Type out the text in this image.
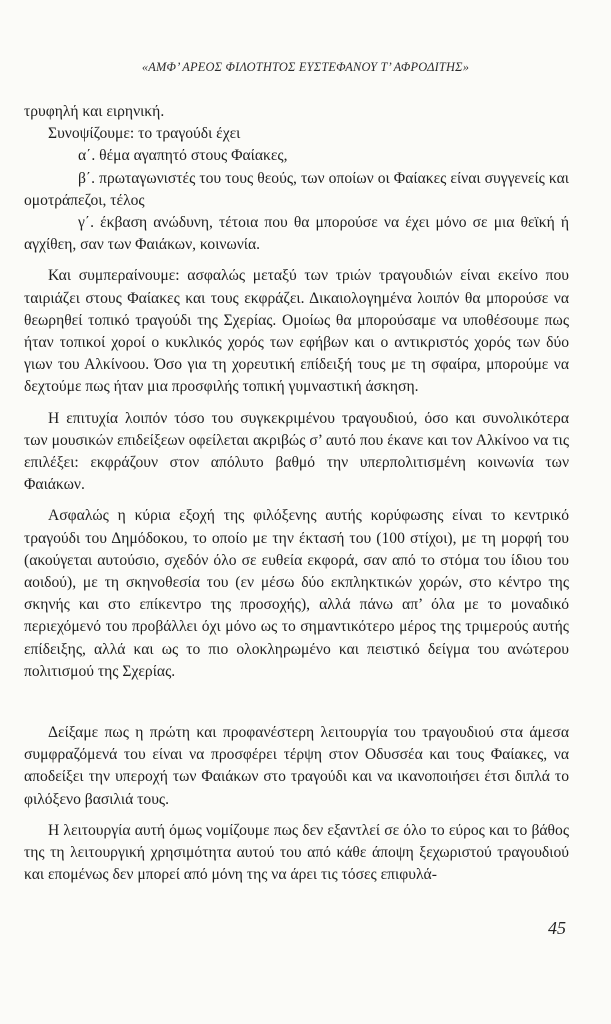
«ΑΜΦ’ ΑΡΕΟΣ ΦΙΛΟΤΗΤΟΣ ΕΥΣΤΕΦΑΝΟΥ Τ’ ΑΦΡΟΔΙΤΗΣ»

τρυφηλή και ειρηνική.

Συνοψίζουμε: το τραγούδι έχει

α΄. θέμα αγαπητό στους Φαίακες,

β΄. πρωταγωνιστές του τους θεούς, των οποίων οι Φαίακες είναι συγγενείς και ομοτράπεζοι, τέλος

γ΄. έκβαση ανώδυνη, τέτοια που θα μπορούσε να έχει μόνο σε μια θεϊκή ή αγχίθεη, σαν των Φαιάκων, κοινωνία.

Και συμπεραίνουμε: ασφαλώς μεταξύ των τριών τραγουδιών είναι εκείνο που ταιριάζει στους Φαίακες και τους εκφράζει. Δικαιολογημένα λοιπόν θα μπορούσε να θεωρηθεί τοπικό τραγούδι της Σχερίας. Ομοίως θα μπορούσαμε να υποθέσουμε πως ήταν τοπικοί χοροί ο κυκλικός χορός των εφήβων και ο αντικριστός χορός των δύο γιων του Αλκίνοου. Όσο για τη χορευτική επίδειξή τους με τη σφαίρα, μπορούμε να δεχτούμε πως ήταν μια προσφιλής τοπική γυμναστική άσκηση.

Η επιτυχία λοιπόν τόσο του συγκεκριμένου τραγουδιού, όσο και συνολικότερα των μουσικών επιδείξεων οφείλεται ακριβώς σ’ αυτό που έκανε και τον Αλκίνοο να τις επιλέξει: εκφράζουν στον απόλυτο βαθμό την υπερπολιτισμένη κοινωνία των Φαιάκων.

Ασφαλώς η κύρια εξοχή της φιλόξενης αυτής κορύφωσης είναι το κεντρικό τραγούδι του Δημόδοκου, το οποίο με την έκτασή του (100 στίχοι), με τη μορφή του (ακούγεται αυτούσιο, σχεδόν όλο σε ευθεία εκφορά, σαν από το στόμα του ίδιου του αοιδού), με τη σκηνοθεσία του (εν μέσω δύο εκπληκτικών χορών, στο κέντρο της σκηνής και στο επίκεντρο της προσοχής), αλλά πάνω απ’ όλα με το μοναδικό περιεχόμενό του προβάλλει όχι μόνο ως το σημαντικότερο μέρος της τριμερούς αυτής επίδειξης, αλλά και ως το πιο ολοκληρωμένο και πειστικό δείγμα του ανώτερου πολιτισμού της Σχερίας.

Δείξαμε πως η πρώτη και προφανέστερη λειτουργία του τραγουδιού στα άμεσα συμφραζόμενά του είναι να προσφέρει τέρψη στον Οδυσσέα και τους Φαίακες, να αποδείξει την υπεροχή των Φαιάκων στο τραγούδι και να ικανοποιήσει έτσι διπλά το φιλόξενο βασιλιά τους.

Η λειτουργία αυτή όμως νομίζουμε πως δεν εξαντλεί σε όλο το εύρος και το βάθος της τη λειτουργική χρησιμότητα αυτού του από κάθε άποψη ξεχωριστού τραγουδιού και επομένως δεν μπορεί από μόνη της να άρει τις τόσες επιφυλά-

45
